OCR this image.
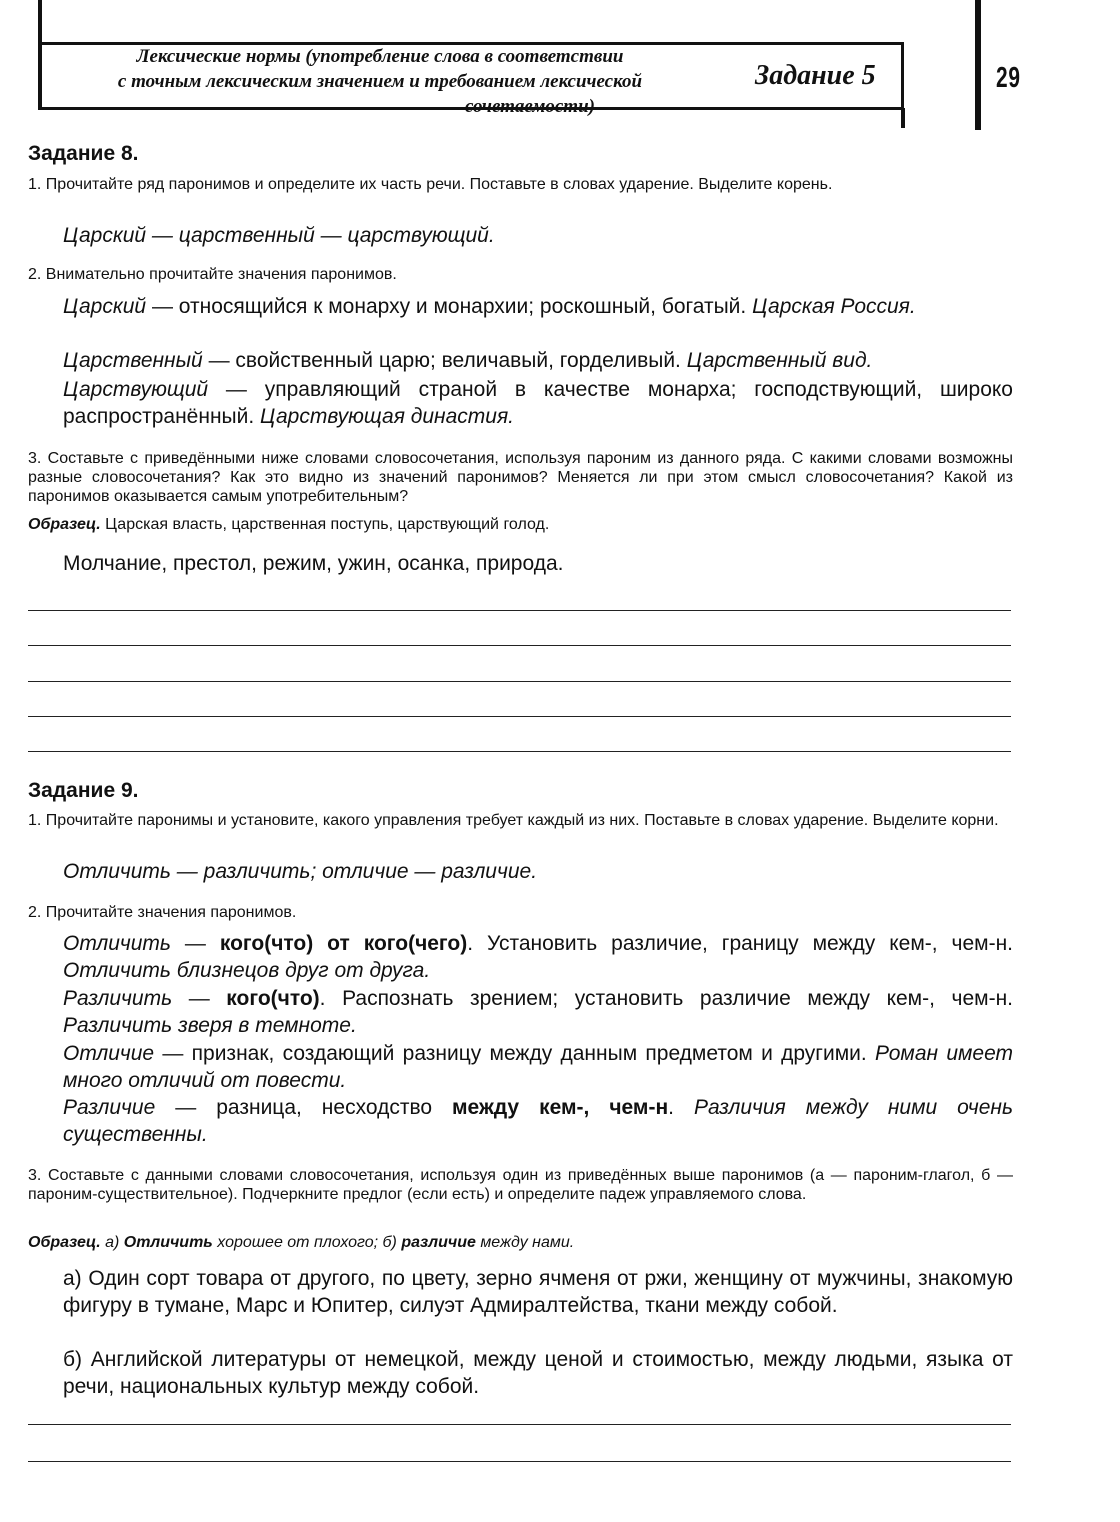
Лексические нормы (употребление слова в соответствии
с точным лексическим значением и требованием лексической
сочетаемости)
Задание 5	29
Задание 8.
1. Прочитайте ряд паронимов и определите их часть речи. Поставьте в словах ударение. Выделите корень.
Царский — царственный — царствующий.
2. Внимательно прочитайте значения паронимов.
Царский — относящийся к монарху и монархии; роскошный, богатый. Царская Россия.
Царственный — свойственный царю; величавый, горделивый. Царственный вид.
Царствующий — управляющий страной в качестве монарха; господствующий, широко распространённый. Царствующая династия.
3. Составьте с приведёнными ниже словами словосочетания, используя пароним из данного ряда. С какими словами возможны разные словосочетания? Как это видно из значений паронимов? Меняется ли при этом смысл словосочетания? Какой из паронимов оказывается самым употребительным?
Образец. Царская власть, царственная поступь, царствующий голод.
Молчание, престол, режим, ужин, осанка, природа.
Задание 9.
1. Прочитайте паронимы и установите, какого управления требует каждый из них. Поставьте в словах ударение. Выделите корни.
Отличить — различить; отличие — различие.
2. Прочитайте значения паронимов.
Отличить — кого(что) от кого(чего). Установить различие, границу между кем-, чем-н. Отличить близнецов друг от друга.
Различить — кого(что). Распознать зрением; установить различие между кем-, чем-н. Различить зверя в темноте.
Отличие — признак, создающий разницу между данным предметом и другими. Роман имеет много отличий от повести.
Различие — разница, несходство между кем-, чем-н. Различия между ними очень существенны.
3. Составьте с данными словами словосочетания, используя один из приведённых выше паронимов (а — пароним-глагол, б — пароним-существительное). Подчеркните предлог (если есть) и определите падеж управляемого слова.
Образец. а) Отличить хорошее от плохого; б) различие между нами.
а) Один сорт товара от другого, по цвету, зерно ячменя от ржи, женщину от мужчины, знакомую фигуру в тумане, Марс и Юпитер, силуэт Адмиралтейства, ткани между собой.
б) Английской литературы от немецкой, между ценой и стоимостью, между людьми, языка от речи, национальных культур между собой.
